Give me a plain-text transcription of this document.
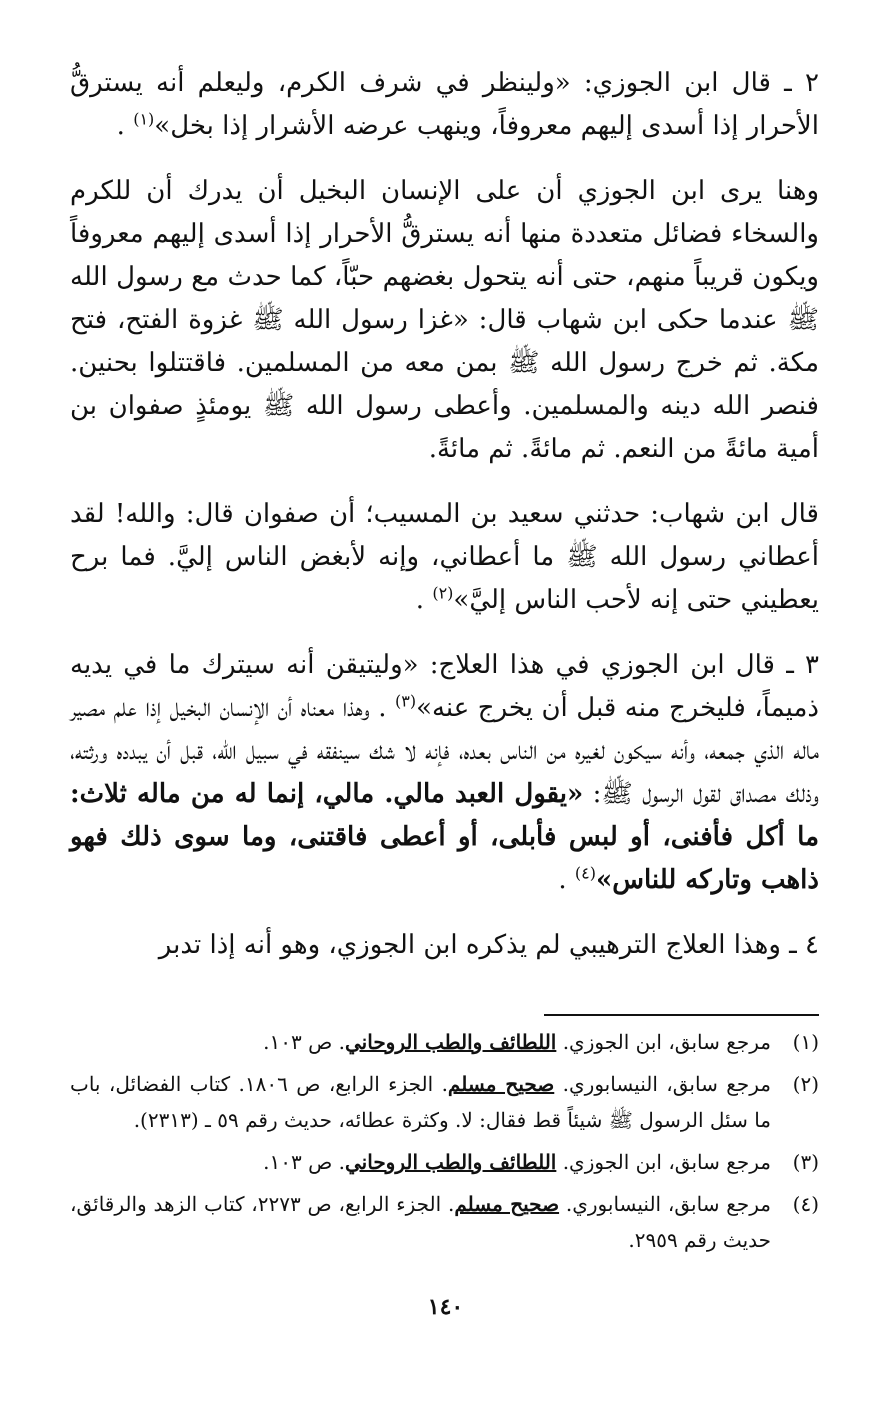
٢ ـ قال ابن الجوزي: «ولينظر في شرف الكرم، وليعلم أنه يسترقُّ الأحرار إذا أسدى إليهم معروفاً، وينهب عرضه الأشرار إذا بخل»$^{(١)}$ .

وهنا يرى ابن الجوزي أن على الإنسان البخيل أن يدرك أن للكرم والسخاء فضائل متعددة منها أنه يسترقُّ الأحرار إذا أسدى إليهم معروفاً ويكون قريباً منهم، حتى أنه يتحول بغضهم حبّاً، كما حدث مع رسول الله ﷺ عندما حكى ابن شهاب قال: «غزا رسول الله ﷺ غزوة الفتح، فتح مكة. ثم خرج رسول الله ﷺ بمن معه من المسلمين. فاقتتلوا بحنين. فنصر الله دينه والمسلمين. وأعطى رسول الله ﷺ يومئذٍ صفوان بن أمية مائةً من النعم. ثم مائةً. ثم مائةً.

قال ابن شهاب: حدثني سعيد بن المسيب؛ أن صفوان قال: والله! لقد أعطاني رسول الله ﷺ ما أعطاني، وإنه لأبغض الناس إليَّ. فما برح يعطيني حتى إنه لأحب الناس إليَّ»$^{(٢)}$ .

٣ ـ قال ابن الجوزي في هذا العلاج: «وليتيقن أنه سيترك ما في يديه ذميماً، فليخرج منه قبل أن يخرج عنه»$^{(٣)}$ . وهذا معناه أن الإنسان البخيل إذا علم مصير ماله الذي جمعه، وأنه سيكون لغيره من الناس بعده، فإنه لا شك سينفقه في سبيل الله، قبل أن يبدده ورثته، وذلك مصداق لقول الرسول ﷺ: «يقول العبد مالي. مالي، إنما له من ماله ثلاث: ما أكل فأفنى، أو لبس فأبلى، أو أعطى فاقتنى، وما سوى ذلك فهو ذاهب وتاركه للناس»$^{(٤)}$ .

٤ ـ وهذا العلاج الترهيبي لم يذكره ابن الجوزي، وهو أنه إذا تدبر

(١)
مرجع سابق، ابن الجوزي. اللطائف والطب الروحاني. ص ١٠٣.
(٢)
مرجع سابق، النيسابوري. صحيح مسلم. الجزء الرابع، ص ١٨٠٦. كتاب الفضائل، باب ما سئل الرسول ﷺ شيئاً قط فقال: لا. وكثرة عطائه، حديث رقم ٥٩ ـ (٢٣١٣).
(٣)
مرجع سابق، ابن الجوزي. اللطائف والطب الروحاني. ص ١٠٣.
(٤)
مرجع سابق، النيسابوري. صحيح مسلم. الجزء الرابع، ص ٢٢٧٣، كتاب الزهد والرقائق، حديث رقم ٢٩٥٩.
١٤٠
